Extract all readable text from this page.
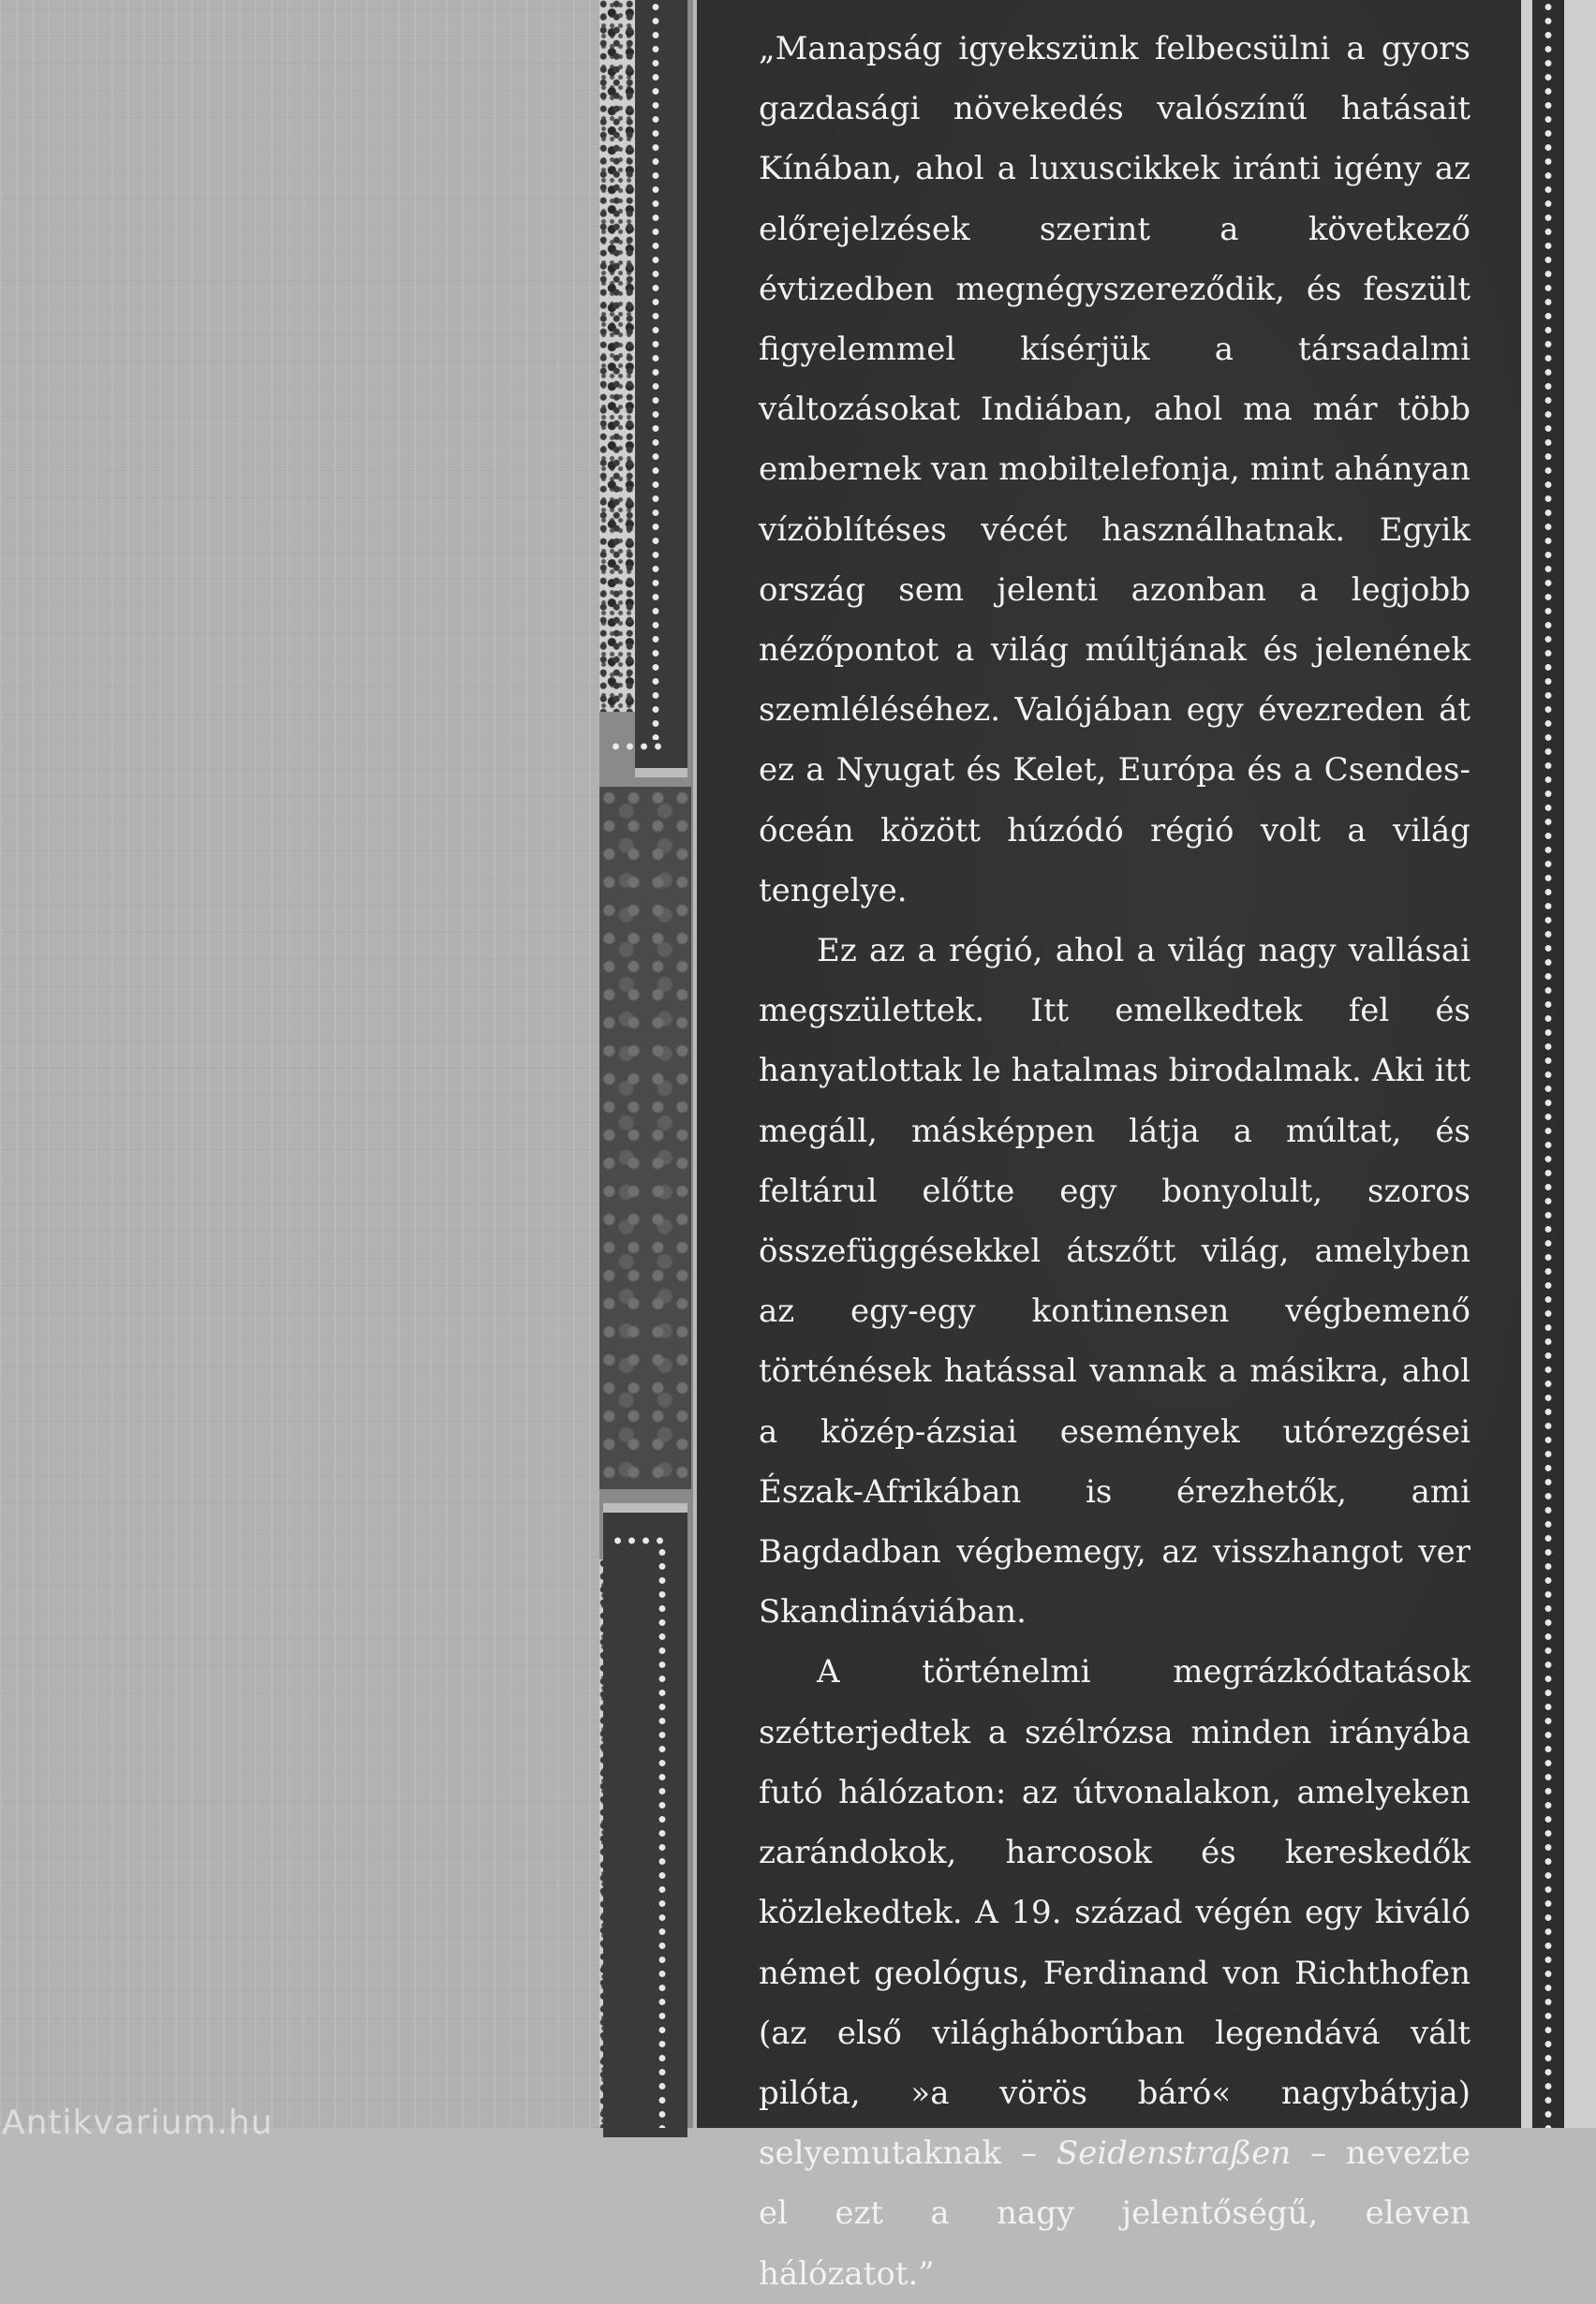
„Manapság igyekszünk felbecsülni a gyors gazdasági növekedés valószínű hatásait Kínában, ahol a luxuscikkek iránti igény az előrejelzések szerint a következő évtizedben megnégyszereződik, és feszült figyelemmel kísérjük a társadalmi változásokat Indiában, ahol ma már több embernek van mobiltelefonja, mint ahányan vízöblítéses vécét használhatnak. Egyik ország sem jelenti azonban a legjobb nézőpontot a világ múltjának és jelenének szemléléséhez. Valójában egy évezreden át ez a Nyugat és Kelet, Európa és a Csendes-óceán között húzódó régió volt a világ tengelye.

Ez az a régió, ahol a világ nagy vallásai megszülettek. Itt emelkedtek fel és hanyatlottak le hatalmas birodalmak. Aki itt megáll, másképpen látja a múltat, és feltárul előtte egy bonyolult, szoros összefüggésekkel átszőtt világ, amelyben az egy-egy kontinensen végbemenő történések hatással vannak a másikra, ahol a közép-ázsiai események utórezgései Észak-Afrikában is érezhetők, ami Bagdadban végbemegy, az visszhangot ver Skandináviában.

A történelmi megrázkódtatások szétterjedtek a szélrózsa minden irányába futó hálózaton: az útvonalakon, amelyeken zarándokok, harcosok és kereskedők közlekedtek. A 19. század végén egy kiváló német geológus, Ferdinand von Richthofen (az első világháborúban legendává vált pilóta, »a vörös báró« nagybátyja) selyemutaknak – Seidenstraßen – nevezte el ezt a nagy jelentőségű, eleven hálózatot.”

Antikvarium.hu
